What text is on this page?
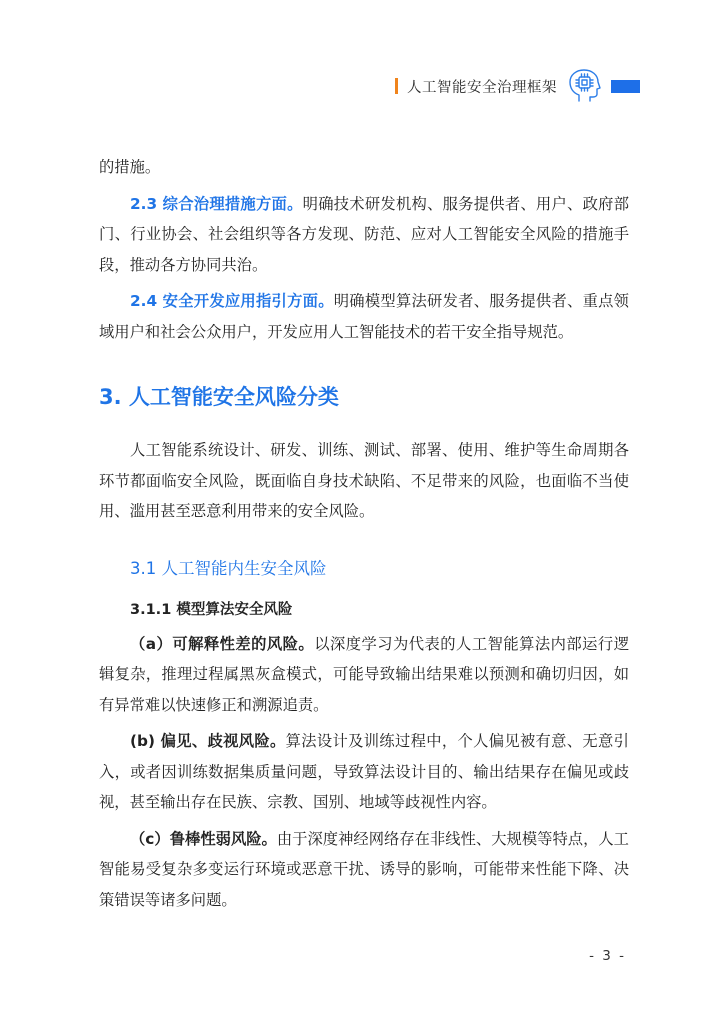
人工智能安全治理框架

的措施。

2.3 综合治理措施方面。明确技术研发机构、服务提供者、用户、政府部门、行业协会、社会组织等各方发现、防范、应对人工智能安全风险的措施手段，推动各方协同共治。

2.4 安全开发应用指引方面。明确模型算法研发者、服务提供者、重点领域用户和社会公众用户，开发应用人工智能技术的若干安全指导规范。

3. 人工智能安全风险分类

人工智能系统设计、研发、训练、测试、部署、使用、维护等生命周期各环节都面临安全风险，既面临自身技术缺陷、不足带来的风险，也面临不当使用、滥用甚至恶意利用带来的安全风险。

3.1 人工智能内生安全风险
3.1.1 模型算法安全风险

（a）可解释性差的风险。以深度学习为代表的人工智能算法内部运行逻辑复杂，推理过程属黑灰盒模式，可能导致输出结果难以预测和确切归因，如有异常难以快速修正和溯源追责。

(b) 偏见、歧视风险。算法设计及训练过程中，个人偏见被有意、无意引入，或者因训练数据集质量问题，导致算法设计目的、输出结果存在偏见或歧视，甚至输出存在民族、宗教、国别、地域等歧视性内容。

（c）鲁棒性弱风险。由于深度神经网络存在非线性、大规模等特点，人工智能易受复杂多变运行环境或恶意干扰、诱导的影响，可能带来性能下降、决策错误等诸多问题。

- 3 -
